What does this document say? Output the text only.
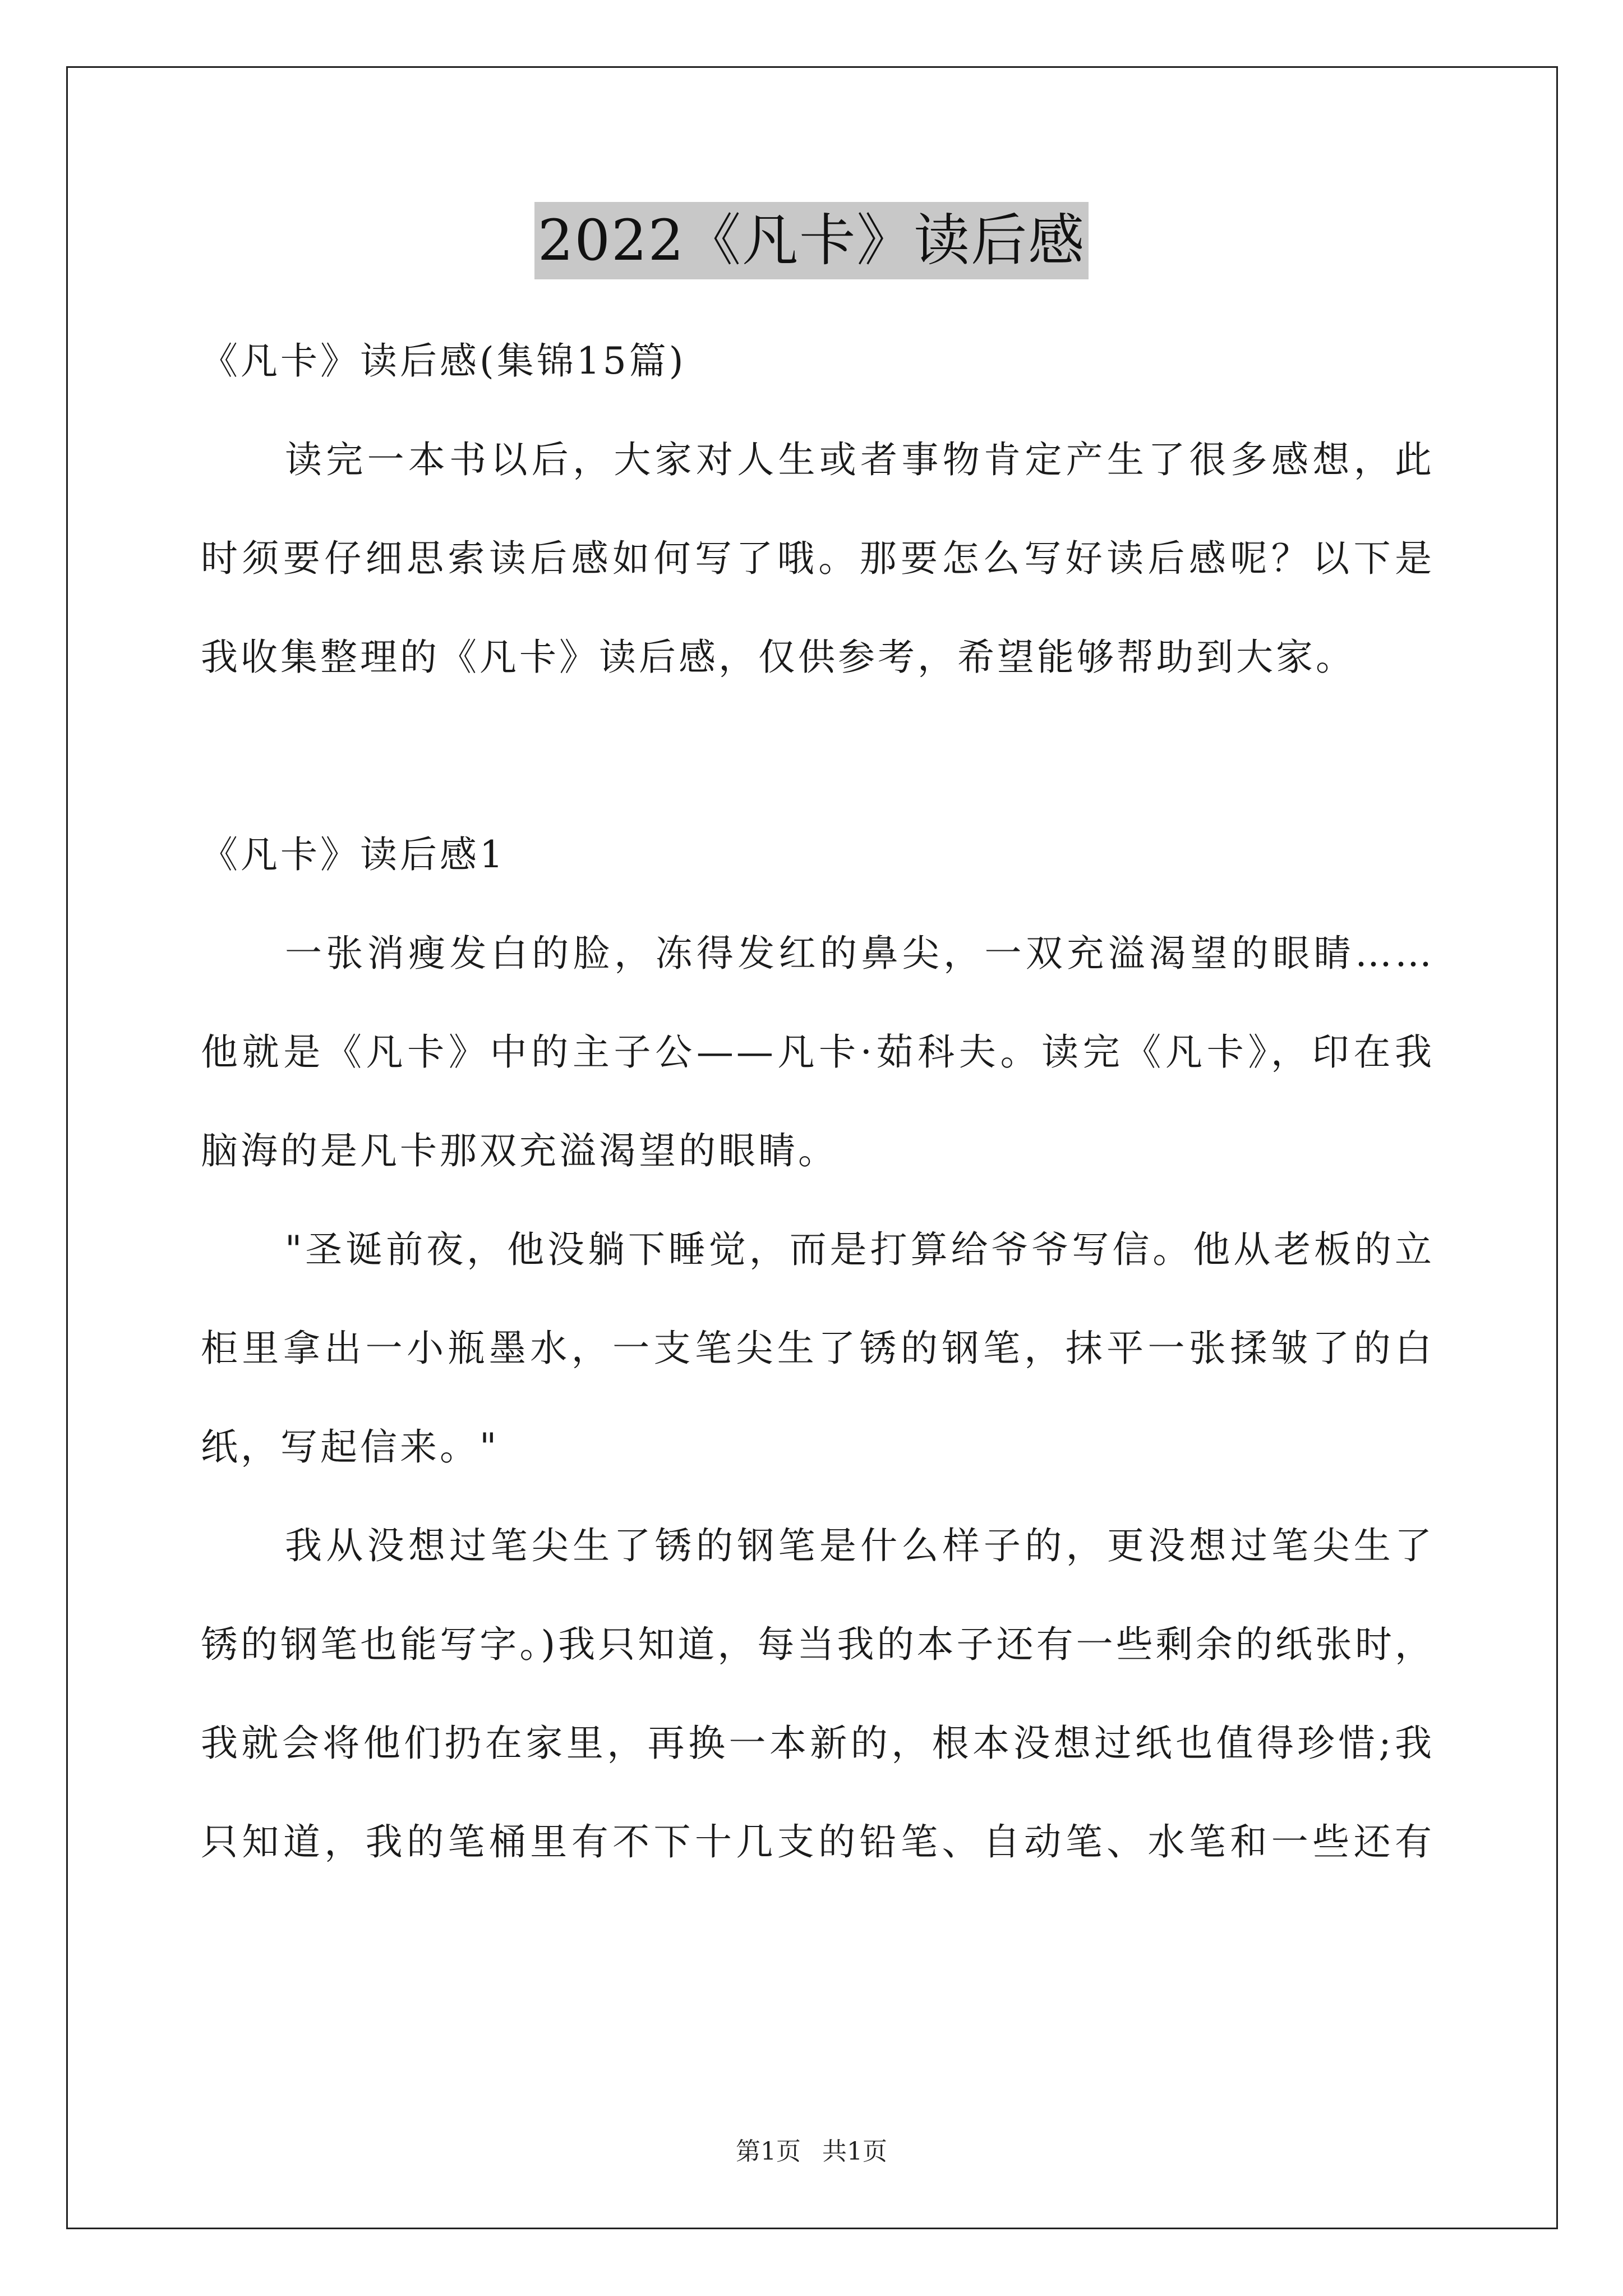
2022《凡卡》读后感
《凡卡》读后感(集锦15篇)
读完一本书以后，大家对人生或者事物肯定产生了很多感想，此
时须要仔细思索读后感如何写了哦。那要怎么写好读后感呢？以下是
我收集整理的《凡卡》读后感，仅供参考，希望能够帮助到大家。
《凡卡》读后感1
一张消瘦发白的脸，冻得发红的鼻尖，一双充溢渴望的眼睛……
他就是《凡卡》中的主子公——凡卡·茹科夫。读完《凡卡》，印在我
脑海的是凡卡那双充溢渴望的眼睛。
"圣诞前夜，他没躺下睡觉，而是打算给爷爷写信。他从老板的立
柜里拿出一小瓶墨水，一支笔尖生了锈的钢笔，抹平一张揉皱了的白
纸，写起信来。"
我从没想过笔尖生了锈的钢笔是什么样子的，更没想过笔尖生了
锈的钢笔也能写字。)我只知道，每当我的本子还有一些剩余的纸张时，
我就会将他们扔在家里，再换一本新的，根本没想过纸也值得珍惜;我
只知道，我的笔桶里有不下十几支的铅笔、自动笔、水笔和一些还有
第1页 共1页
